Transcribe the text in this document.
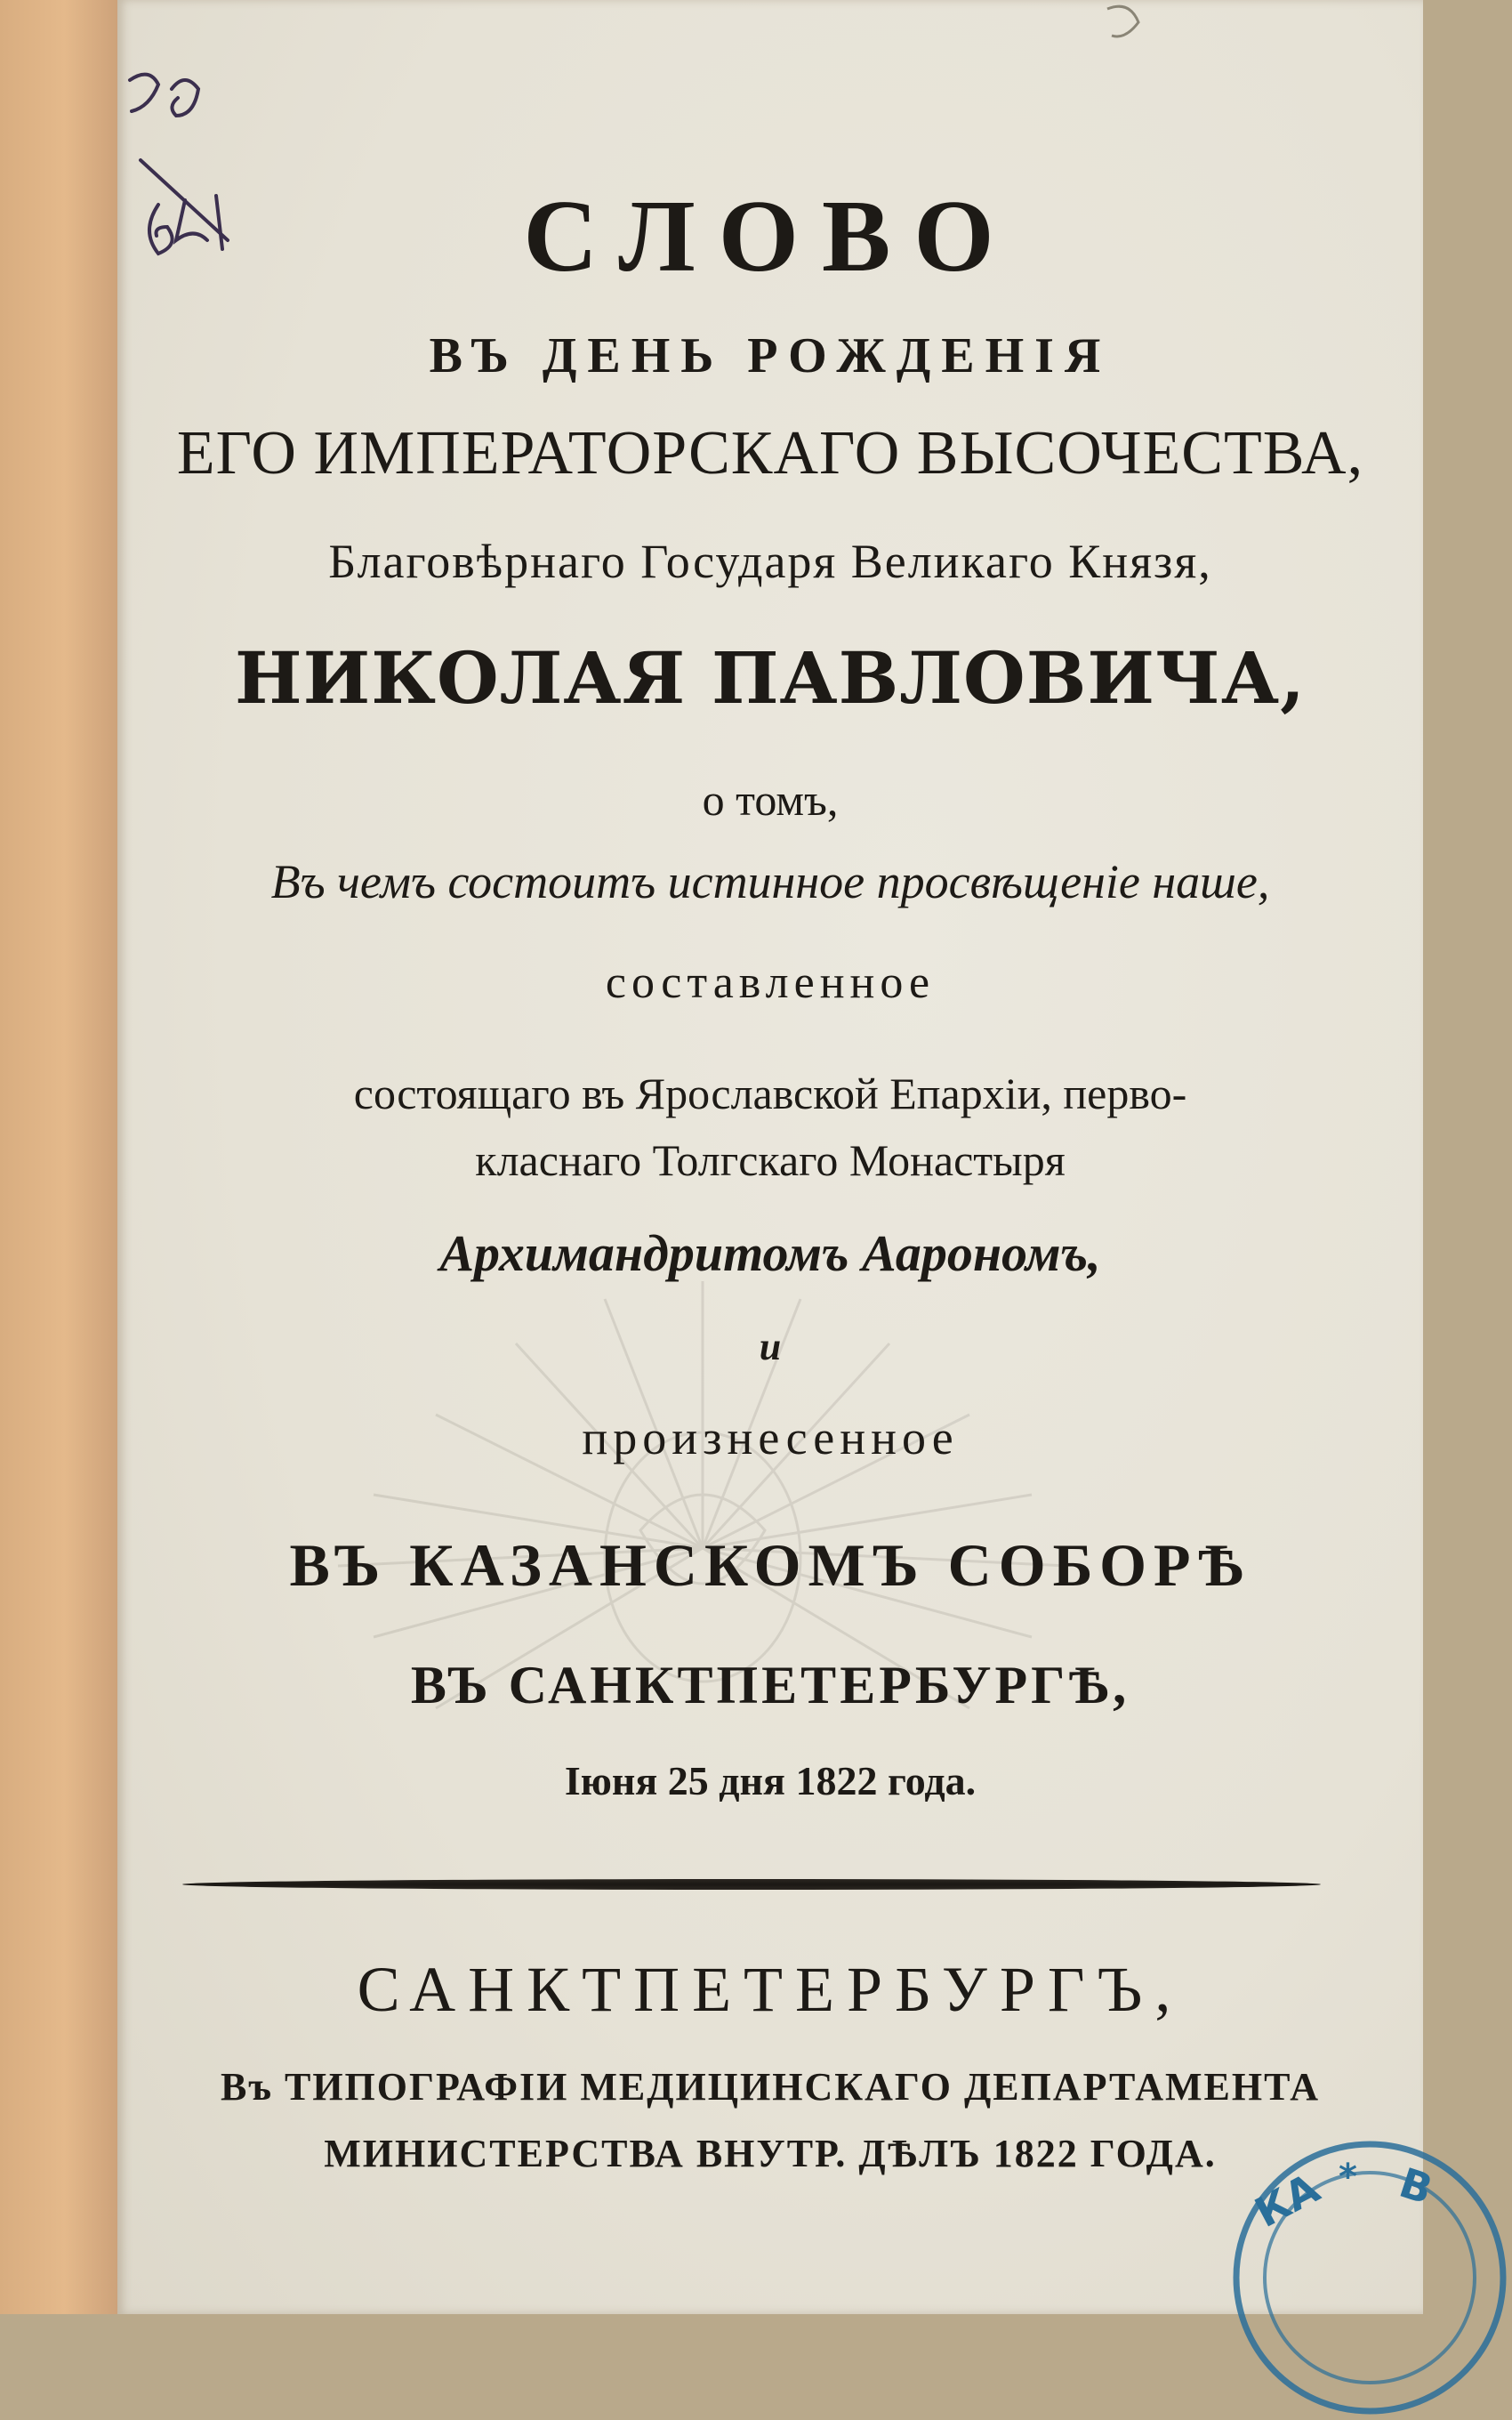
СЛОВО
ВЪ ДЕНЬ РОЖДЕНІЯ
ЕГО ИМПЕРАТОРСКАГО ВЫСОЧЕСТВА,
Благовѣрнаго Государя Великаго Князя,
НИКОЛАЯ ПАВЛОВИЧА,
о томъ,
Въ чемъ состоитъ истинное просвѣщеніе наше,
составленное
состоящаго въ Ярославской Епархіи, перво-
класнаго Толгскаго Монастыря
Архимандритомъ Аарономъ,
и
произнесенное
ВЪ КАЗАНСКОМЪ СОБОРѢ
ВЪ САНКТПЕТЕРБУРГѢ,
Іюня 25 дня 1822 года.
САНКТПЕТЕРБУРГЪ,
Въ ТИПОГРАФІИ МЕДИЦИНСКАГО ДЕПАРТАМЕНТА
МИНИСТЕРСТВА ВНУТР. ДѢЛЪ 1822 ГОДА.
КА * В
